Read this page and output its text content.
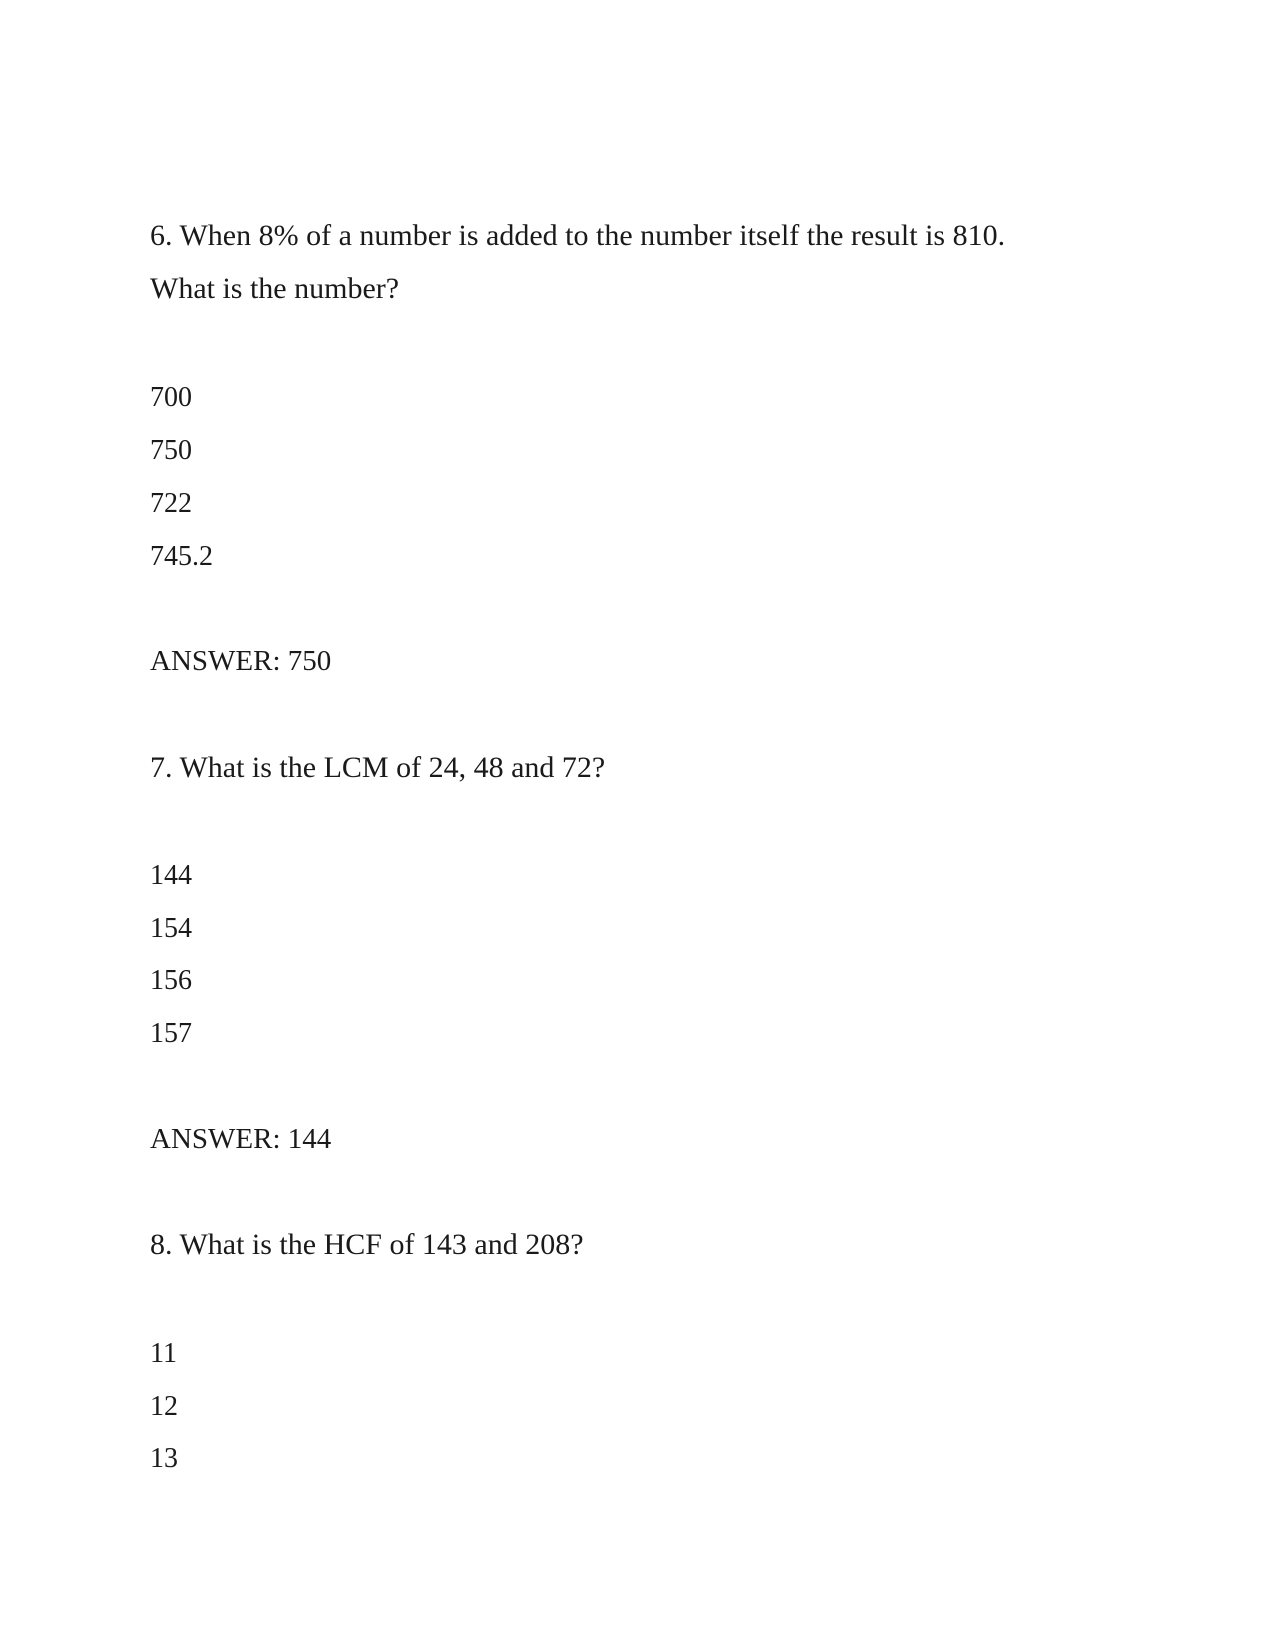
6. When 8% of a number is added to the number itself the result is 810.
What is the number?
700
750
722
745.2
ANSWER: 750
7. What is the LCM of 24, 48 and 72?
144
154
156
157
ANSWER: 144
8. What is the HCF of 143 and 208?
11
12
13
